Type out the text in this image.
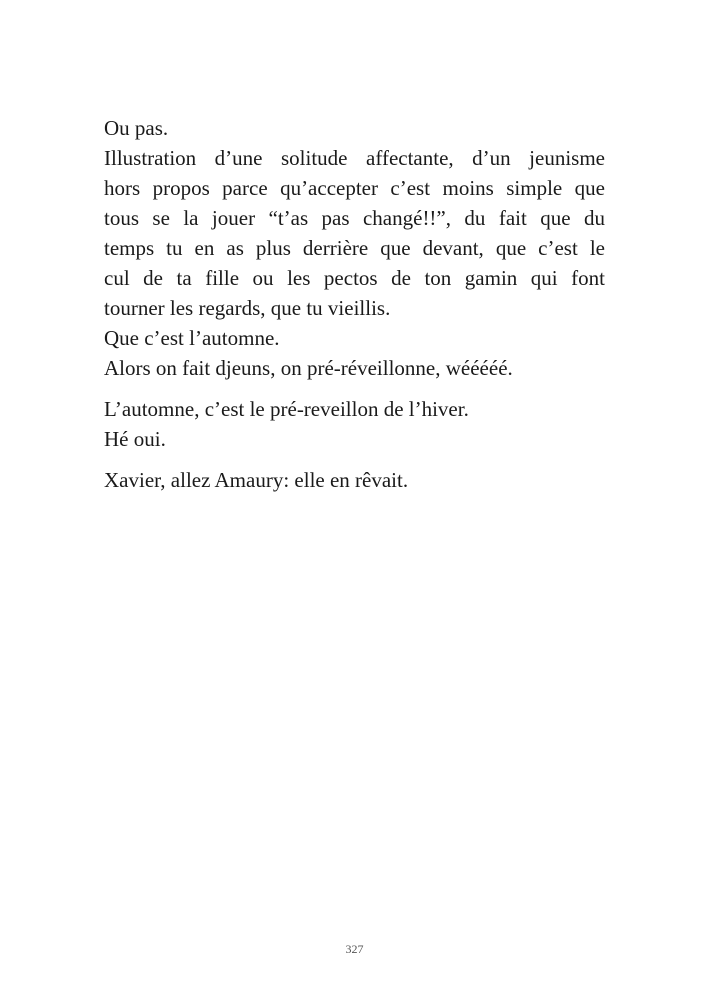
Ou pas.
Illustration d’une solitude affectante, d’un jeunisme
hors propos parce qu’accepter c’est moins simple que
tous se la jouer “t’as pas changé!!”, du fait que du
temps tu en as plus derrière que devant, que c’est le
cul de ta fille ou les pectos de ton gamin qui font
tourner les regards, que tu vieillis.
Que c’est l’automne.
Alors on fait djeuns, on pré-réveillonne, wééééé.

L’automne, c’est le pré-reveillon de l’hiver.
Hé oui.

Xavier, allez Amaury: elle en rêvait.

327
